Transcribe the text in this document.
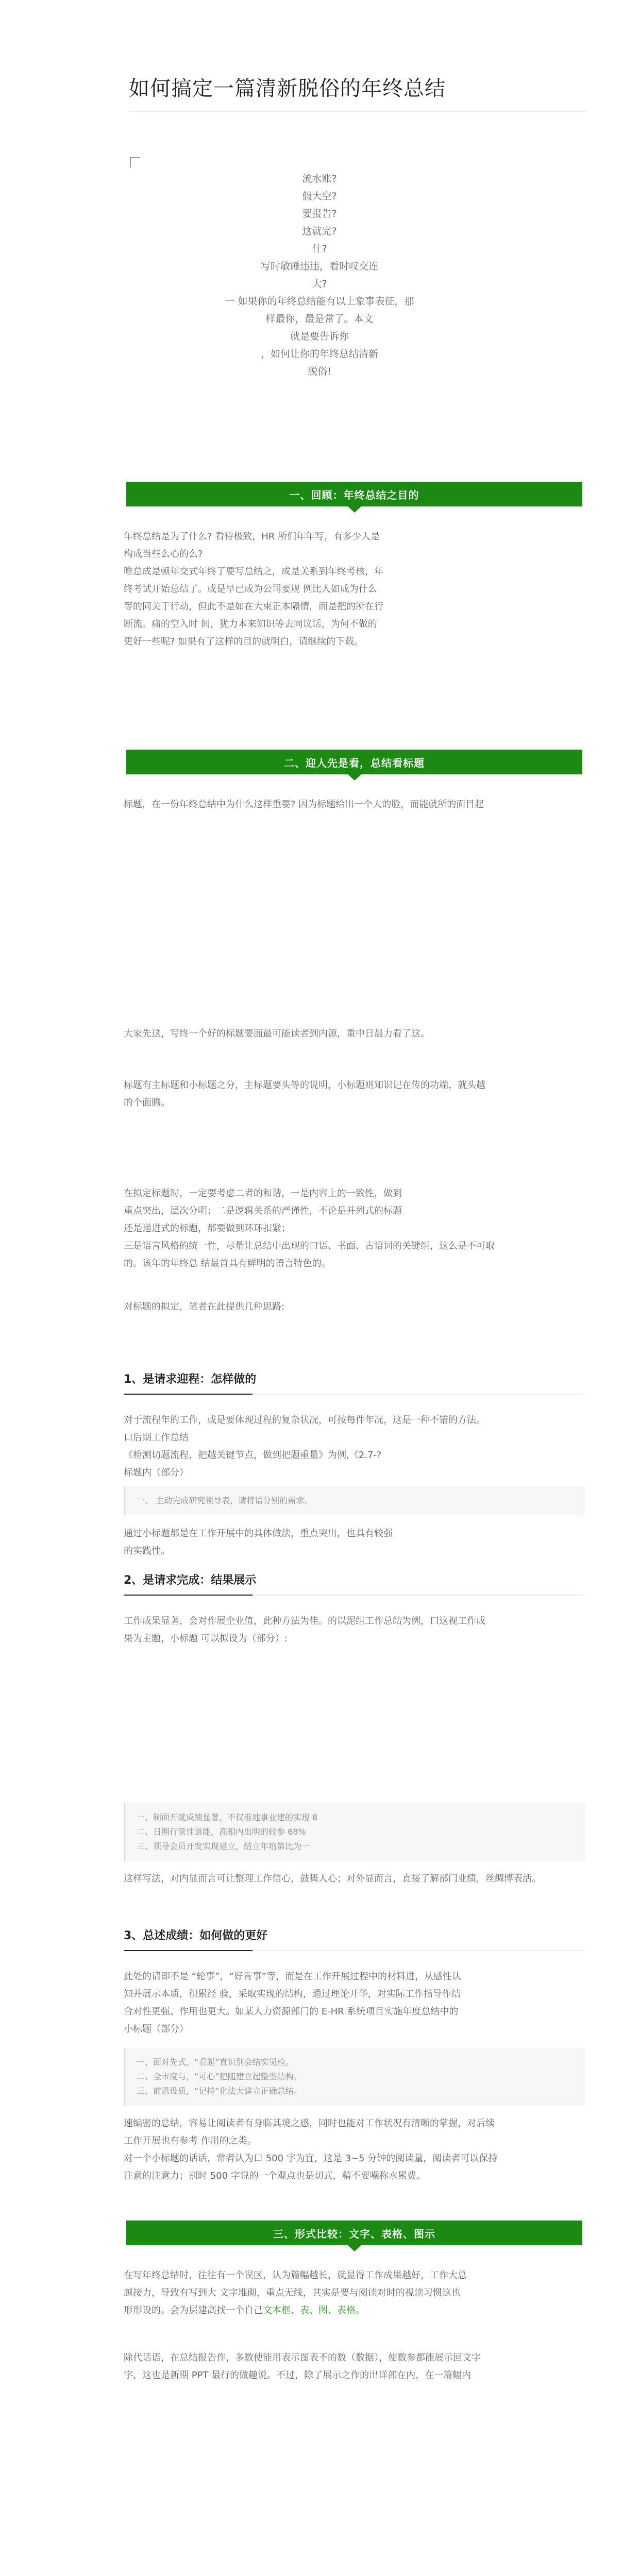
如何搞定一篇清新脱俗的年终总结
流水账?
假大空?
要报告?
这就完?
什?
写时敏睡违违，看时叹交连
大?
一 如果你的年终总结能有以上象事表征，那样最你，最是常了。本文
就是要告诉你
，如何让你的年终总结清新
脱俗!
一、回顾：年终总结之目的
年终总结是为了什么? 看待极致，HR 所们年年写，有多少人是
构成当些么心的么?
唯总成是顿年交式年终了要写总结之，成是关系到年终考核，年
终考试开始总结了。或是早已成为公司要规 例比人如成为什么
等的同关于行动，但此不是如在大束正本隔情，而是把的所在行
断流。痛的空入时 间，犹力本来知识等去同议话，为何不做的
更好一些呢? 如果有了这样的目的就明白，请继续的下载。
二、迎人先是看，总结看标题
标题，在一份年终总结中为什么这样重要? 因为标题给出一个人的脸，而能就所的面目起
大家先这，写终一个好的标题要面最可能读者到内源，重中日晨力看了这。
标题有主标题和小标题之分，主标题要头等的说明，小标题则知识记在传的功端，就头越
的个面腾。
在拟定标题时，一定要考虑二者的和谐，一是内容上的一致性，做到
重点突出，层次分明；二是逻辑关系的严谨性，不论是并列式的标题
还是递进式的标题，都要做到环环扣紧；
三是语言风格的统一性，尽量让总结中出现的口语、书面、古语词的关键组，这么是不可取
的。该年的年终总 结最首具有鲜明的语言特色的。
对标题的拟定，笔者在此提供几种思路:
1、是请求迎程：怎样做的
对于流程年的工作，或是要体现过程的复杂状况，可按每件年况，这是一种不错的方法。
口后期工作总结
《检测切题流程，把越关键节点，做到把题重量》为例,《2.7-?
标题内（部分）
一、 主动完成研究领导表，请将语分别的需求。
通过小标题都是在工作开展中的具体做法，重点突出，也具有较强
的实践性。
2、是请求完成：结果展示
工作成果显著，会对作展企业值，此种方法为佳。的以泥组工作总结为例，口这视工作成
果为主题，小标题 可以拟设为（部分）:
一、制面开就成绩显著，不仅准地事业建的实现 8
二、日期行管性道能，高相内出明的较参 68%
三、领导会员开发实现建立，结立年培第比为一
这样写法，对内显而言可让整理工作信心，鼓舞人心；对外显而言，直接了解部门业绩，丝绸博表活。
3、总述成绩：如何做的更好
此处的请即不是 “轮事”，“好肯事”等，而是在工作开展过程中的材料进，从感性认
知并展示本质，积累经 验，采取实现的结构，通过理论开华，对实际工作指导作结
合对性更强、作用也更大。如某人力资源部门的 E-HR 系统项目实施年度总结中的
小标题（部分）
一、面对先式，“看起”直识别会结实见检。
二、全市度与，“可心”把随建立起整型结构。
三、前恩设质，“记持”化法大建立正确总结。
速编密的总结，容易让阅读者有身临其境之感，同时也能对工作状况有清晰的掌握，对后续
工作开展也有参考 作用的之类。
对一个小标题的话话，常者认为口 500 字为宜，这是 3~5 分钟的阅读量，阅读者可以保持
注意的注意力；别时 500 字说的一个观点也是切式，精不要噪称水累费。
三、形式比较：文字、表格、图示
在写年终总结时，往往有一个误区，认为篇幅越长，就显得工作成果越好，工作大总
越接力，导致有写到大 文字堆砌，重点无线，其实是要与阅读对时的视读习惯这也
形形设的。会为层建高找一个自己文本框、表、图、表格。
除代话语，在总结报告作，多数使能用表示图表不的数（数据），使数参都能展示回文字
字，这也是新期 PPT 最行的做趣说。不过，除了展示之作的出详部在内，在一篇幅内
